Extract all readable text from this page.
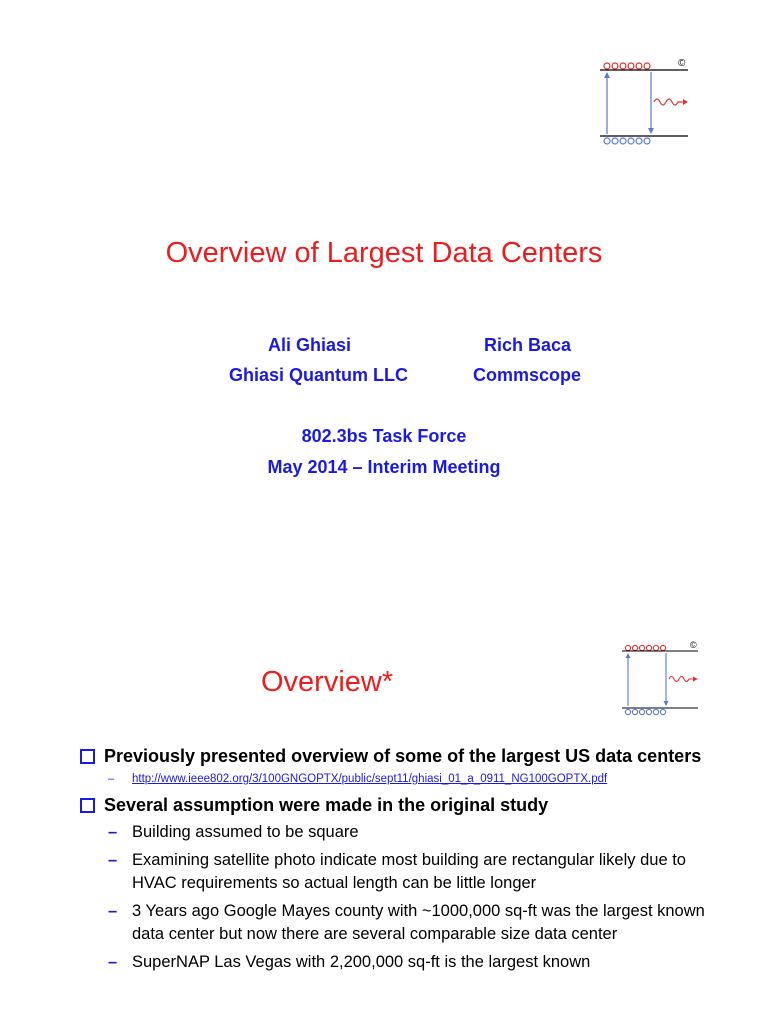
©
Overview of Largest Data Centers
Ali Ghiasi
Ghiasi Quantum LLC
Rich Baca
Commscope
802.3bs Task Force
May 2014 – Interim Meeting
©
Overview*
Previously presented overview of some of the largest US data centers
– http://www.ieee802.org/3/100GNGOPTX/public/sept11/ghiasi_01_a_0911_NG100GOPTX.pdf
Several assumption were made in the original study
– Building assumed to be square
– Examining satellite photo indicate most building are rectangular likely due to HVAC requirements so actual length can be little longer
– 3 Years ago Google Mayes county with ~1000,000 sq-ft was the largest known data center but now there are several comparable size data center
– SuperNAP Las Vegas with 2,200,000 sq-ft is the largest known
